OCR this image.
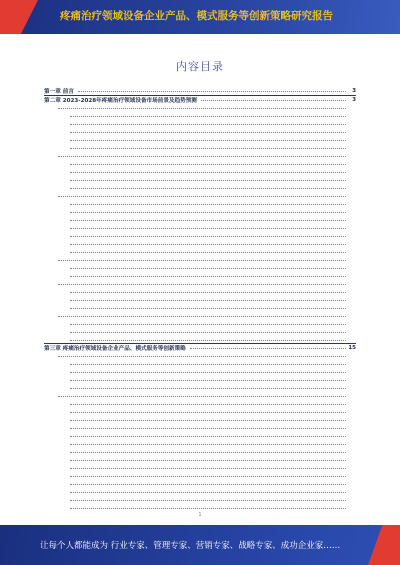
疼痛治疗领域设备企业产品、模式服务等创新策略研究报告
内容目录
第一章 前言	3
第二章 2023-2028年疼痛治疗领域设备市场前景及趋势预测	3
第三章 疼痛治疗领域设备企业产品、模式服务等创新策略	15
1
让每个人都能成为 行业专家、管理专家、营销专家、战略专家、成功企业家……
